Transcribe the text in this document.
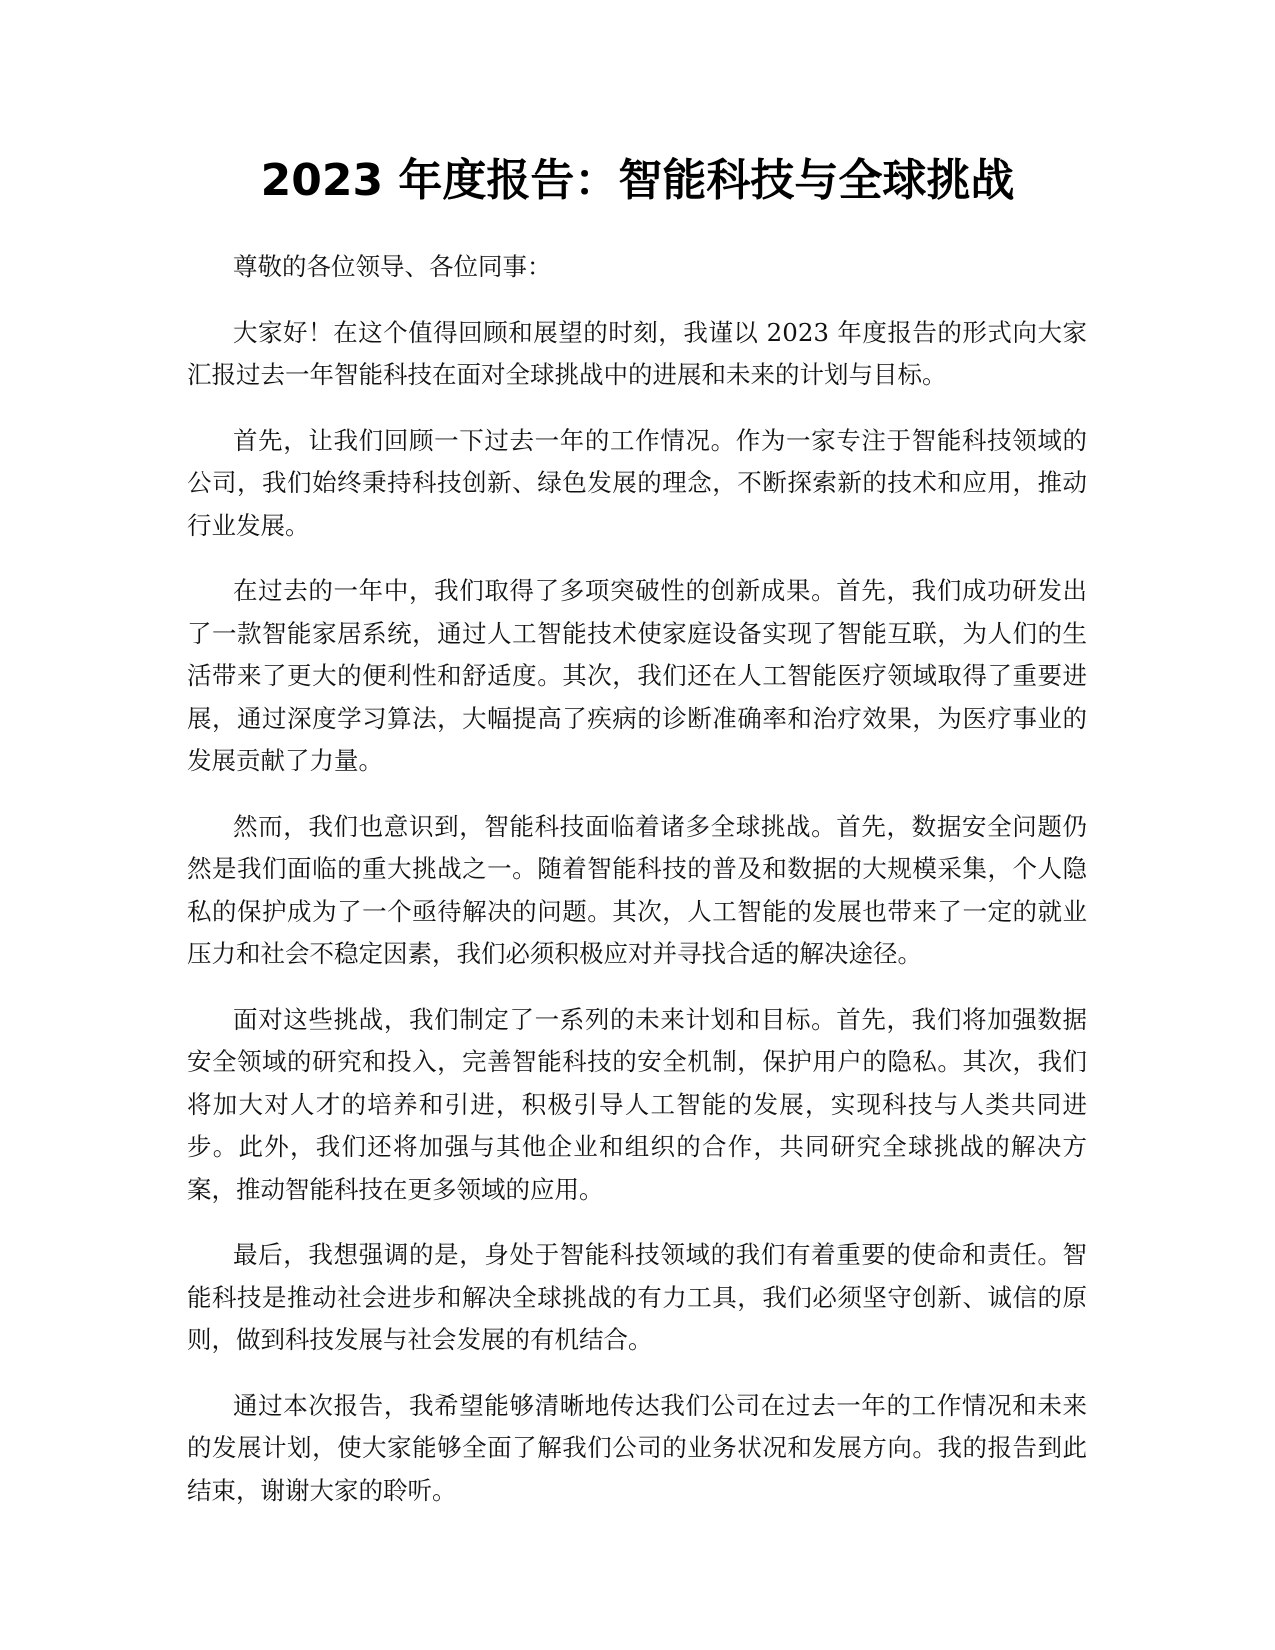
2023 年度报告：智能科技与全球挑战

尊敬的各位领导、各位同事：

大家好！在这个值得回顾和展望的时刻，我谨以 2023 年度报告的形式向大家汇报过去一年智能科技在面对全球挑战中的进展和未来的计划与目标。

首先，让我们回顾一下过去一年的工作情况。作为一家专注于智能科技领域的公司，我们始终秉持科技创新、绿色发展的理念，不断探索新的技术和应用，推动行业发展。

在过去的一年中，我们取得了多项突破性的创新成果。首先，我们成功研发出了一款智能家居系统，通过人工智能技术使家庭设备实现了智能互联，为人们的生活带来了更大的便利性和舒适度。其次，我们还在人工智能医疗领域取得了重要进展，通过深度学习算法，大幅提高了疾病的诊断准确率和治疗效果，为医疗事业的发展贡献了力量。

然而，我们也意识到，智能科技面临着诸多全球挑战。首先，数据安全问题仍然是我们面临的重大挑战之一。随着智能科技的普及和数据的大规模采集，个人隐私的保护成为了一个亟待解决的问题。其次，人工智能的发展也带来了一定的就业压力和社会不稳定因素，我们必须积极应对并寻找合适的解决途径。

面对这些挑战，我们制定了一系列的未来计划和目标。首先，我们将加强数据安全领域的研究和投入，完善智能科技的安全机制，保护用户的隐私。其次，我们将加大对人才的培养和引进，积极引导人工智能的发展，实现科技与人类共同进步。此外，我们还将加强与其他企业和组织的合作，共同研究全球挑战的解决方案，推动智能科技在更多领域的应用。

最后，我想强调的是，身处于智能科技领域的我们有着重要的使命和责任。智能科技是推动社会进步和解决全球挑战的有力工具，我们必须坚守创新、诚信的原则，做到科技发展与社会发展的有机结合。

通过本次报告，我希望能够清晰地传达我们公司在过去一年的工作情况和未来的发展计划，使大家能够全面了解我们公司的业务状况和发展方向。我的报告到此结束，谢谢大家的聆听。
